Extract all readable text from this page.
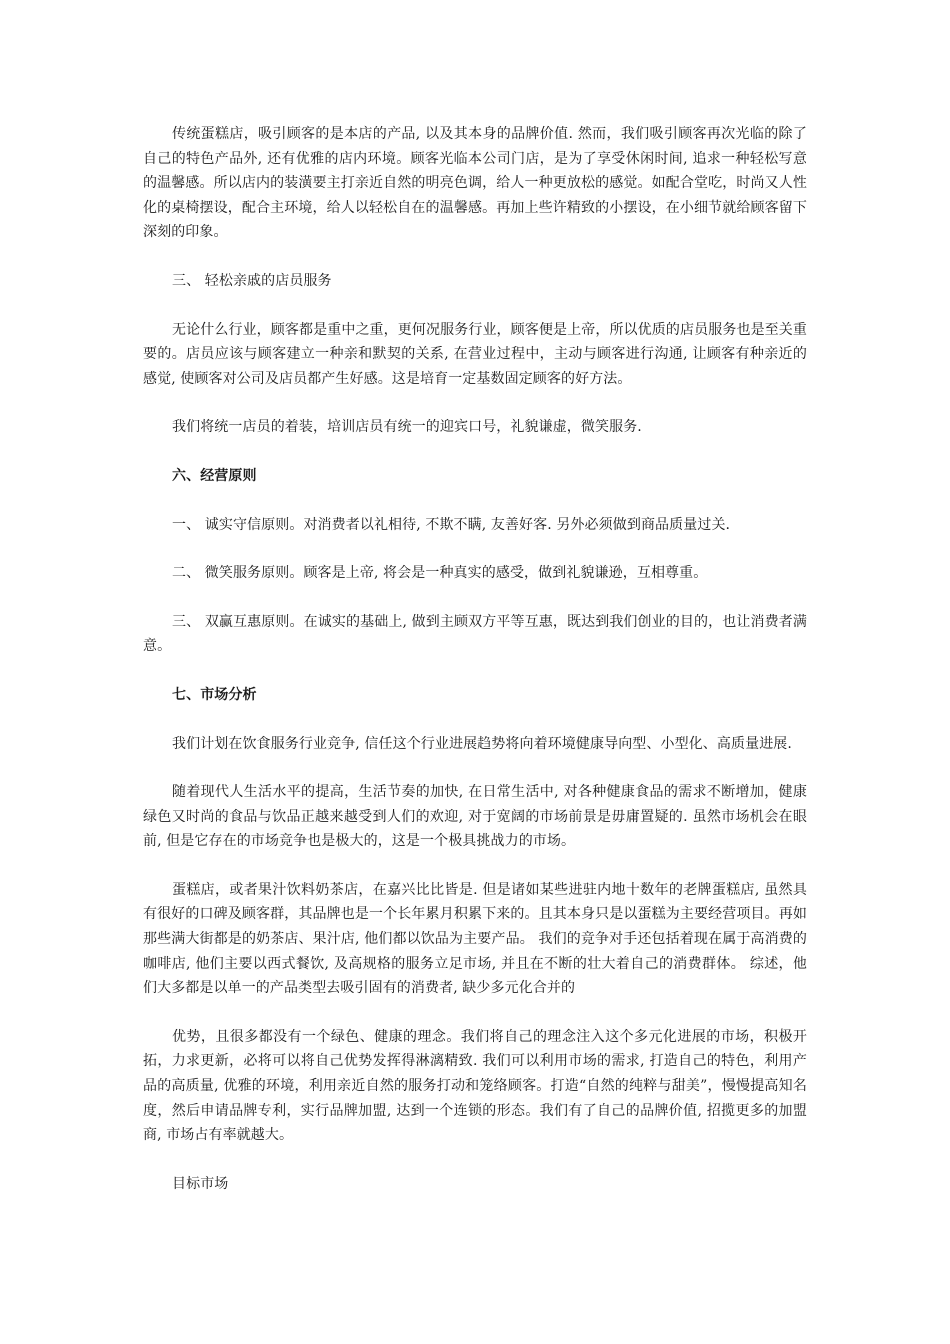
传统蛋糕店，吸引顾客的是本店的产品, 以及其本身的品牌价值. 然而，我们吸引顾客再次光临的除了自己的特色产品外, 还有优雅的店内环境。顾客光临本公司门店，是为了享受休闲时间, 追求一种轻松写意的温馨感。所以店内的装潢要主打亲近自然的明亮色调，给人一种更放松的感觉。如配合堂吃，时尚又人性化的桌椅摆设，配合主环境，给人以轻松自在的温馨感。再加上些许精致的小摆设，在小细节就给顾客留下深刻的印象。

三、 轻松亲戚的店员服务

无论什么行业，顾客都是重中之重，更何况服务行业，顾客便是上帝，所以优质的店员服务也是至关重要的。店员应该与顾客建立一种亲和默契的关系, 在营业过程中，主动与顾客进行沟通, 让顾客有种亲近的感觉, 使顾客对公司及店员都产生好感。这是培育一定基数固定顾客的好方法。

我们将统一店员的着装，培训店员有统一的迎宾口号，礼貌谦虚，微笑服务.

六、经营原则

一、 诚实守信原则。对消费者以礼相待, 不欺不瞒, 友善好客. 另外必须做到商品质量过关.

二、 微笑服务原则。顾客是上帝, 将会是一种真实的感受，做到礼貌谦逊，互相尊重。

三、 双赢互惠原则。在诚实的基础上, 做到主顾双方平等互惠，既达到我们创业的目的，也让消费者满意。

七、市场分析

我们计划在饮食服务行业竞争, 信任这个行业进展趋势将向着环境健康导向型、小型化、高质量进展.

随着现代人生活水平的提高，生活节奏的加快, 在日常生活中, 对各种健康食品的需求不断增加，健康绿色又时尚的食品与饮品正越来越受到人们的欢迎, 对于宽阔的市场前景是毋庸置疑的. 虽然市场机会在眼前, 但是它存在的市场竞争也是极大的，这是一个极具挑战力的市场。

蛋糕店，或者果汁饮料奶茶店，在嘉兴比比皆是. 但是诸如某些进驻内地十数年的老牌蛋糕店, 虽然具有很好的口碑及顾客群，其品牌也是一个长年累月积累下来的。且其本身只是以蛋糕为主要经营项目。再如那些满大街都是的奶茶店、果汁店, 他们都以饮品为主要产品。 我们的竞争对手还包括着现在属于高消费的咖啡店, 他们主要以西式餐饮, 及高规格的服务立足市场, 并且在不断的壮大着自己的消费群体。 综述，他们大多都是以单一的产品类型去吸引固有的消费者, 缺少多元化合并的

优势，且很多都没有一个绿色、健康的理念。我们将自己的理念注入这个多元化进展的市场，积极开拓，力求更新，必将可以将自己优势发挥得淋漓精致. 我们可以利用市场的需求, 打造自己的特色，利用产品的高质量, 优雅的环境，利用亲近自然的服务打动和笼络顾客。打造“自然的纯粹与甜美”，慢慢提高知名度，然后申请品牌专利，实行品牌加盟, 达到一个连锁的形态。我们有了自己的品牌价值, 招揽更多的加盟商, 市场占有率就越大。

目标市场
